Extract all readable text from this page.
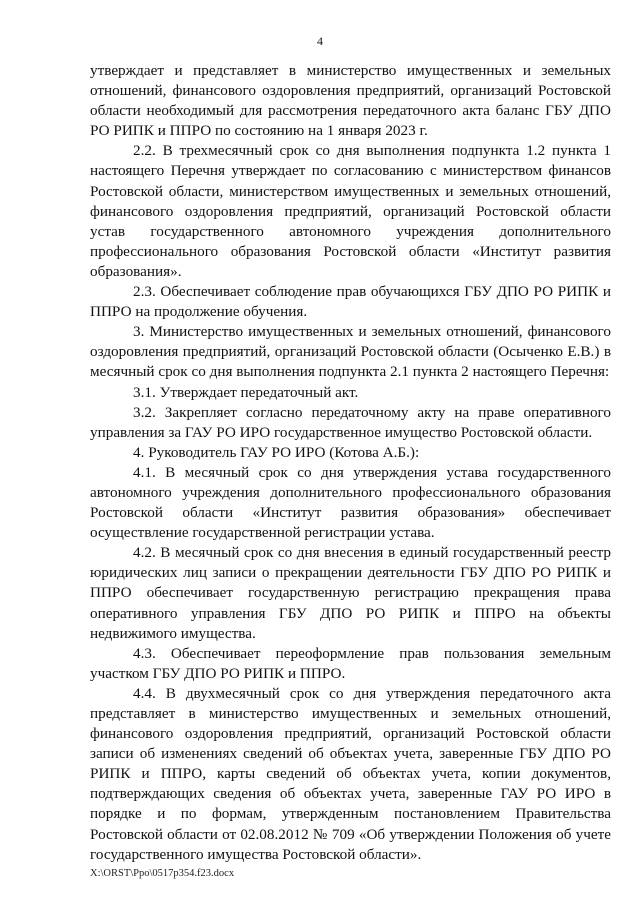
4

утверждает и представляет в министерство имущественных и земельных отношений, финансового оздоровления предприятий, организаций Ростовской области необходимый для рассмотрения передаточного акта баланс ГБУ ДПО РО РИПК и ППРО по состоянию на 1 января 2023 г.

2.2. В трехмесячный срок со дня выполнения подпункта 1.2 пункта 1 настоящего Перечня утверждает по согласованию с министерством финансов Ростовской области, министерством имущественных и земельных отношений, финансового оздоровления предприятий, организаций Ростовской области устав государственного автономного учреждения дополнительного профессионального образования Ростовской области «Институт развития образования».

2.3. Обеспечивает соблюдение прав обучающихся ГБУ ДПО РО РИПК и ППРО на продолжение обучения.

3. Министерство имущественных и земельных отношений, финансового оздоровления предприятий, организаций Ростовской области (Осыченко Е.В.) в месячный срок со дня выполнения подпункта 2.1 пункта 2 настоящего Перечня:

3.1. Утверждает передаточный акт.

3.2. Закрепляет согласно передаточному акту на праве оперативного управления за ГАУ РО ИРО государственное имущество Ростовской области.

4. Руководитель ГАУ РО ИРО (Котова А.Б.):

4.1. В месячный срок со дня утверждения устава государственного автономного учреждения дополнительного профессионального образования Ростовской области «Институт развития образования» обеспечивает осуществление государственной регистрации устава.

4.2. В месячный срок со дня внесения в единый государственный реестр юридических лиц записи о прекращении деятельности ГБУ ДПО РО РИПК и ППРО обеспечивает государственную регистрацию прекращения права оперативного управления ГБУ ДПО РО РИПК и ППРО на объекты недвижимого имущества.

4.3. Обеспечивает переоформление прав пользования земельным участком ГБУ ДПО РО РИПК и ППРО.

4.4. В двухмесячный срок со дня утверждения передаточного акта представляет в министерство имущественных и земельных отношений, финансового оздоровления предприятий, организаций Ростовской области записи об изменениях сведений об объектах учета, заверенные ГБУ ДПО РО РИПК и ППРО, карты сведений об объектах учета, копии документов, подтверждающих сведения об объектах учета, заверенные ГАУ РО ИРО в порядке и по формам, утвержденным постановлением Правительства Ростовской области от 02.08.2012 № 709 «Об утверждении Положения об учете государственного имущества Ростовской области».

X:\ORST\Ppo\0517p354.f23.docx
